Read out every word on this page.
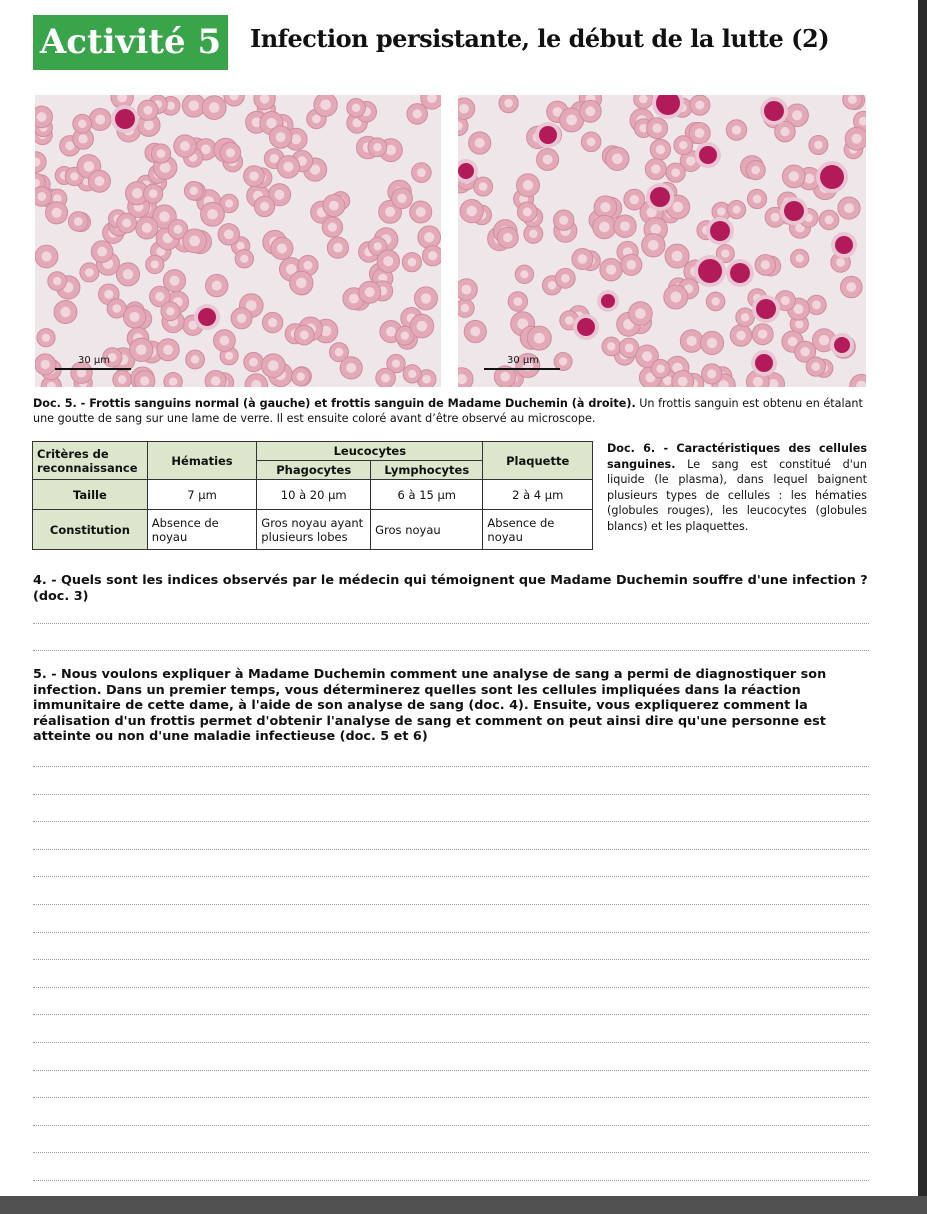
Activité 5 Infection persistante, le début de la lutte (2)
30 µm	30 µm
Doc. 5. - Frottis sanguins normal (à gauche) et frottis sanguin de Madame Duchemin (à droite). Un frottis sanguin est obtenu en étalant une goutte de sang sur une lame de verre. Il est ensuite coloré avant d’être observé au microscope.
Critères de reconnaissance	Hématies	Leucocytes		Plaquette
		Phagocytes	Lymphocytes	
Taille	7 µm	10 à 20 µm	6 à 15 µm	2 à 4 µm
Constitution	Absence de noyau	Gros noyau ayant plusieurs lobes	Gros noyau	Absence de noyau
Doc. 6. - Caractéristiques des cellules sanguines. Le sang est constitué d'un liquide (le plasma), dans lequel baignent plusieurs types de cellules : les hématies (globules rouges), les leucocytes (globules blancs) et les plaquettes.
4. - Quels sont les indices observés par le médecin qui témoignent que Madame Duchemin souffre d'une infection ? (doc. 3)
5. - Nous voulons expliquer à Madame Duchemin comment une analyse de sang a permi de diagnostiquer son infection. Dans un premier temps, vous déterminerez quelles sont les cellules impliquées dans la réaction immunitaire de cette dame, à l'aide de son analyse de sang (doc. 4). Ensuite, vous expliquerez comment la réalisation d'un frottis permet d'obtenir l'analyse de sang et comment on peut ainsi dire qu'une personne est atteinte ou non d'une maladie infectieuse (doc. 5 et 6)
